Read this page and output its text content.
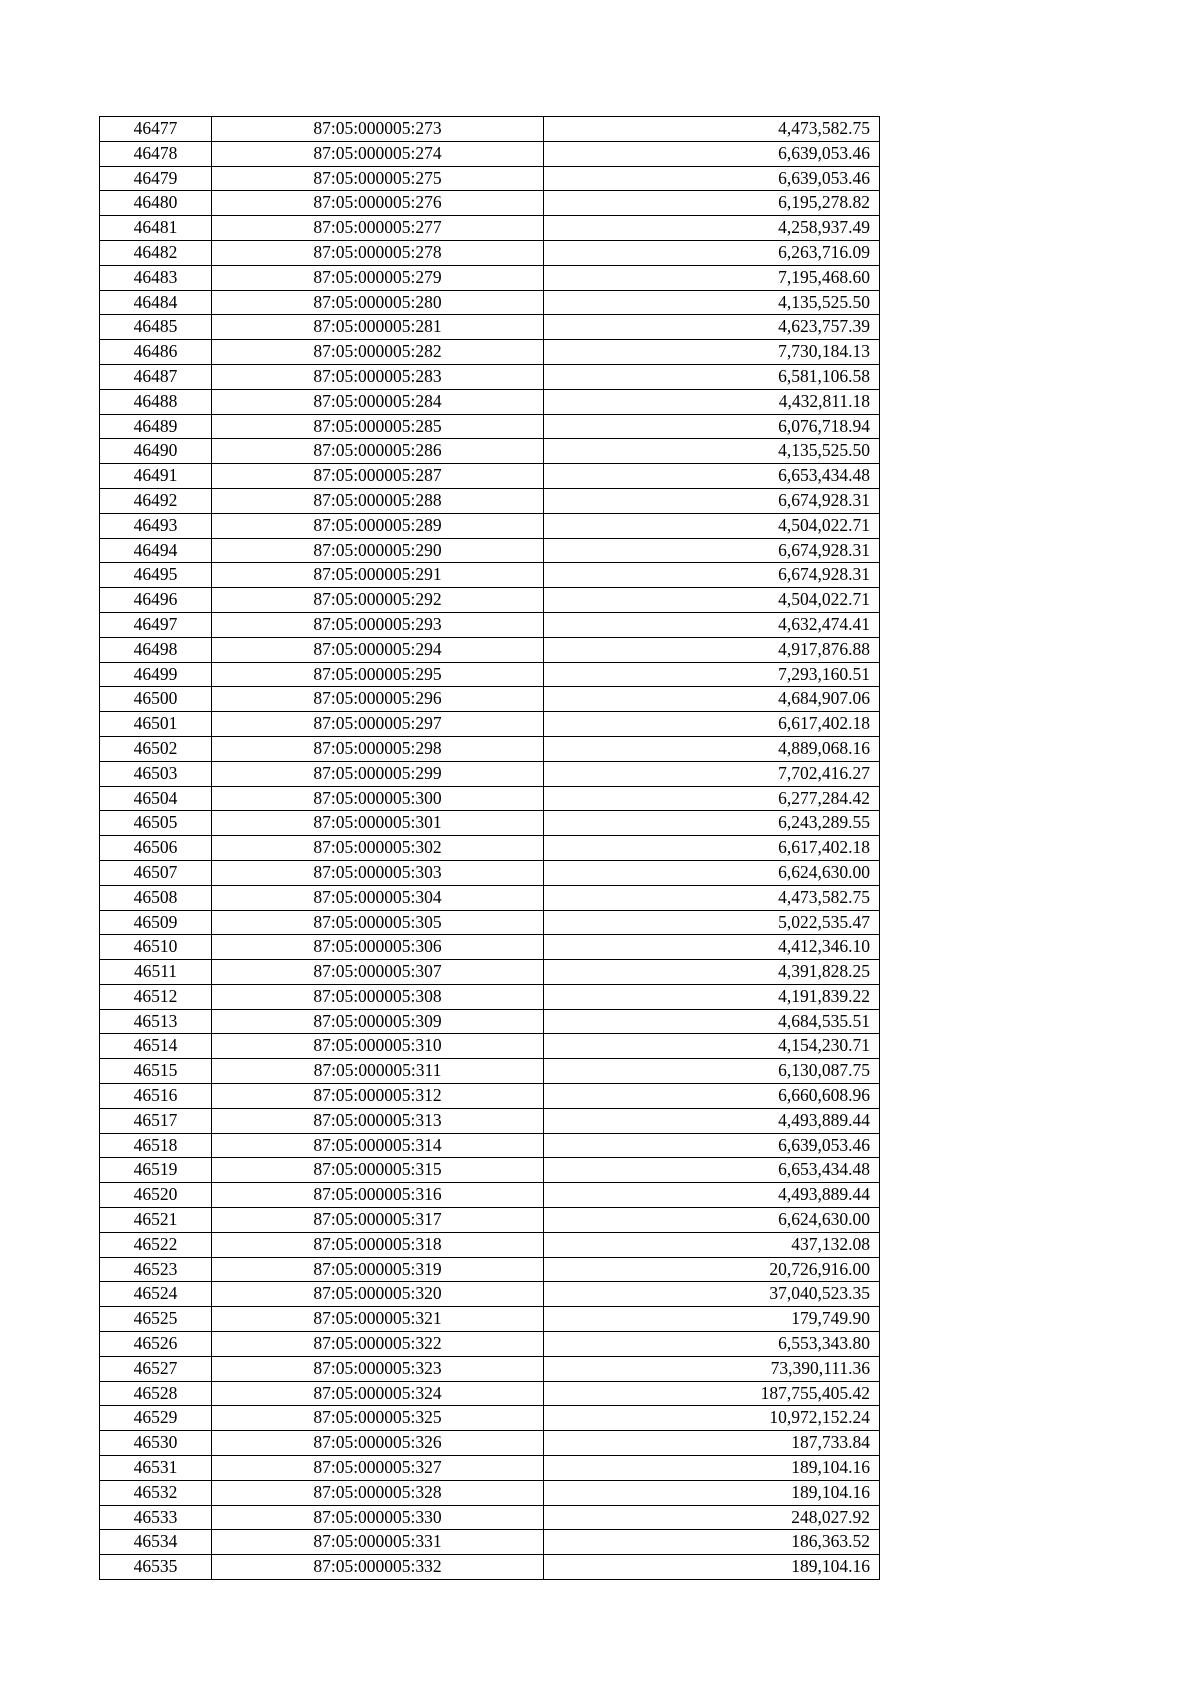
46477	87:05:000005:273	4,473,582.75
46478	87:05:000005:274	6,639,053.46
46479	87:05:000005:275	6,639,053.46
46480	87:05:000005:276	6,195,278.82
46481	87:05:000005:277	4,258,937.49
46482	87:05:000005:278	6,263,716.09
46483	87:05:000005:279	7,195,468.60
46484	87:05:000005:280	4,135,525.50
46485	87:05:000005:281	4,623,757.39
46486	87:05:000005:282	7,730,184.13
46487	87:05:000005:283	6,581,106.58
46488	87:05:000005:284	4,432,811.18
46489	87:05:000005:285	6,076,718.94
46490	87:05:000005:286	4,135,525.50
46491	87:05:000005:287	6,653,434.48
46492	87:05:000005:288	6,674,928.31
46493	87:05:000005:289	4,504,022.71
46494	87:05:000005:290	6,674,928.31
46495	87:05:000005:291	6,674,928.31
46496	87:05:000005:292	4,504,022.71
46497	87:05:000005:293	4,632,474.41
46498	87:05:000005:294	4,917,876.88
46499	87:05:000005:295	7,293,160.51
46500	87:05:000005:296	4,684,907.06
46501	87:05:000005:297	6,617,402.18
46502	87:05:000005:298	4,889,068.16
46503	87:05:000005:299	7,702,416.27
46504	87:05:000005:300	6,277,284.42
46505	87:05:000005:301	6,243,289.55
46506	87:05:000005:302	6,617,402.18
46507	87:05:000005:303	6,624,630.00
46508	87:05:000005:304	4,473,582.75
46509	87:05:000005:305	5,022,535.47
46510	87:05:000005:306	4,412,346.10
46511	87:05:000005:307	4,391,828.25
46512	87:05:000005:308	4,191,839.22
46513	87:05:000005:309	4,684,535.51
46514	87:05:000005:310	4,154,230.71
46515	87:05:000005:311	6,130,087.75
46516	87:05:000005:312	6,660,608.96
46517	87:05:000005:313	4,493,889.44
46518	87:05:000005:314	6,639,053.46
46519	87:05:000005:315	6,653,434.48
46520	87:05:000005:316	4,493,889.44
46521	87:05:000005:317	6,624,630.00
46522	87:05:000005:318	437,132.08
46523	87:05:000005:319	20,726,916.00
46524	87:05:000005:320	37,040,523.35
46525	87:05:000005:321	179,749.90
46526	87:05:000005:322	6,553,343.80
46527	87:05:000005:323	73,390,111.36
46528	87:05:000005:324	187,755,405.42
46529	87:05:000005:325	10,972,152.24
46530	87:05:000005:326	187,733.84
46531	87:05:000005:327	189,104.16
46532	87:05:000005:328	189,104.16
46533	87:05:000005:330	248,027.92
46534	87:05:000005:331	186,363.52
46535	87:05:000005:332	189,104.16
